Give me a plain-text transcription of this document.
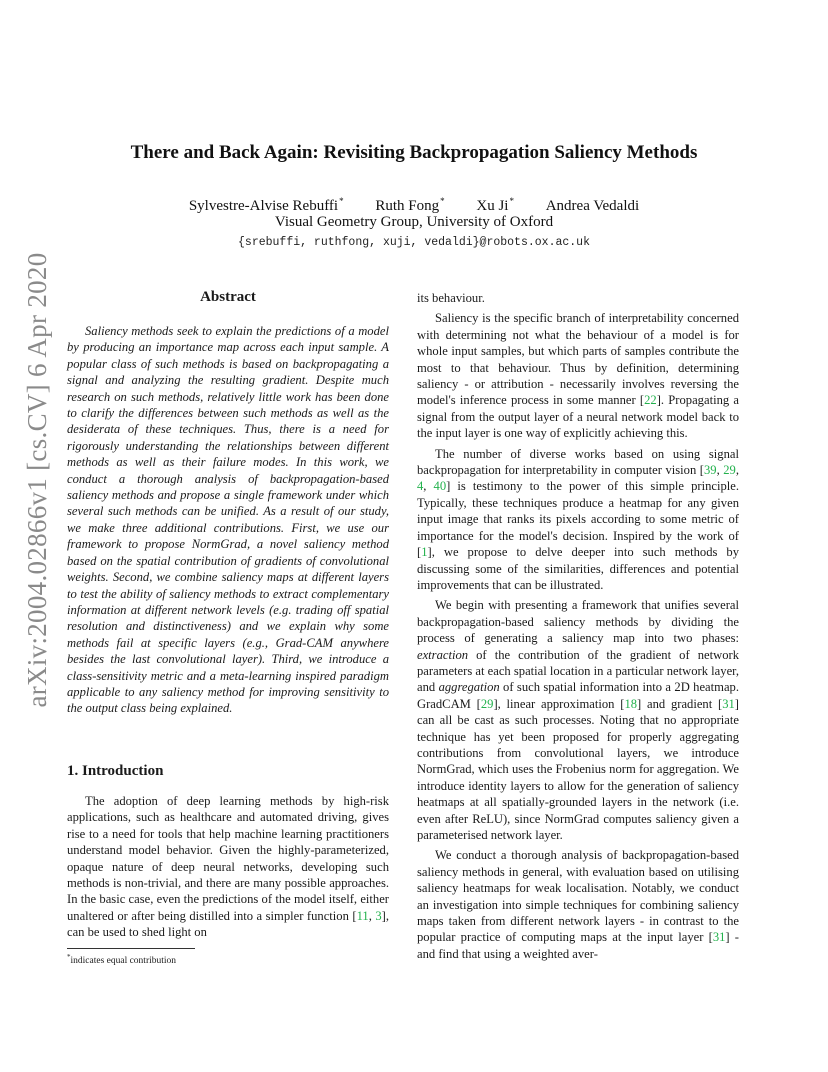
arXiv:2004.02866v1 [cs.CV] 6 Apr 2020
There and Back Again: Revisiting Backpropagation Saliency Methods
Sylvestre-Alvise Rebuffi* Ruth Fong* Xu Ji* Andrea Vedaldi
Visual Geometry Group, University of Oxford
{srebuffi, ruthfong, xuji, vedaldi}@robots.ox.ac.uk
Abstract
Saliency methods seek to explain the predictions of a model by producing an importance map across each input sample. A popular class of such methods is based on backpropagating a signal and analyzing the resulting gradient. Despite much research on such methods, relatively little work has been done to clarify the differences between such methods as well as the desiderata of these techniques. Thus, there is a need for rigorously understanding the relationships between different methods as well as their failure modes. In this work, we conduct a thorough analysis of backpropagation-based saliency methods and propose a single framework under which several such methods can be unified. As a result of our study, we make three additional contributions. First, we use our framework to propose NormGrad, a novel saliency method based on the spatial contribution of gradients of convolutional weights. Second, we combine saliency maps at different layers to test the ability of saliency methods to extract complementary information at different network levels (e.g. trading off spatial resolution and distinctiveness) and we explain why some methods fail at specific layers (e.g., Grad-CAM anywhere besides the last convolutional layer). Third, we introduce a class-sensitivity metric and a meta-learning inspired paradigm applicable to any saliency method for improving sensitivity to the output class being explained.
1. Introduction
The adoption of deep learning methods by high-risk applications, such as healthcare and automated driving, gives rise to a need for tools that help machine learning practitioners understand model behavior. Given the highly-parameterized, opaque nature of deep neural networks, developing such methods is non-trivial, and there are many possible approaches. In the basic case, even the predictions of the model itself, either unaltered or after being distilled into a simpler function [11, 3], can be used to shed light on
*indicates equal contribution

its behaviour.

Saliency is the specific branch of interpretability concerned with determining not what the behaviour of a model is for whole input samples, but which parts of samples contribute the most to that behaviour. Thus by definition, determining saliency - or attribution - necessarily involves reversing the model's inference process in some manner [22]. Propagating a signal from the output layer of a neural network model back to the input layer is one way of explicitly achieving this.

The number of diverse works based on using signal backpropagation for interpretability in computer vision [39, 29, 4, 40] is testimony to the power of this simple principle. Typically, these techniques produce a heatmap for any given input image that ranks its pixels according to some metric of importance for the model's decision. Inspired by the work of [1], we propose to delve deeper into such methods by discussing some of the similarities, differences and potential improvements that can be illustrated.

We begin with presenting a framework that unifies several backpropagation-based saliency methods by dividing the process of generating a saliency map into two phases: extraction of the contribution of the gradient of network parameters at each spatial location in a particular network layer, and aggregation of such spatial information into a 2D heatmap. GradCAM [29], linear approximation [18] and gradient [31] can all be cast as such processes. Noting that no appropriate technique has yet been proposed for properly aggregating contributions from convolutional layers, we introduce NormGrad, which uses the Frobenius norm for aggregation. We introduce identity layers to allow for the generation of saliency heatmaps at all spatially-grounded layers in the network (i.e. even after ReLU), since NormGrad computes saliency given a parameterised network layer.

We conduct a thorough analysis of backpropagation-based saliency methods in general, with evaluation based on utilising saliency heatmaps for weak localisation. Notably, we conduct an investigation into simple techniques for combining saliency maps taken from different network layers - in contrast to the popular practice of computing maps at the input layer [31] - and find that using a weighted aver-
